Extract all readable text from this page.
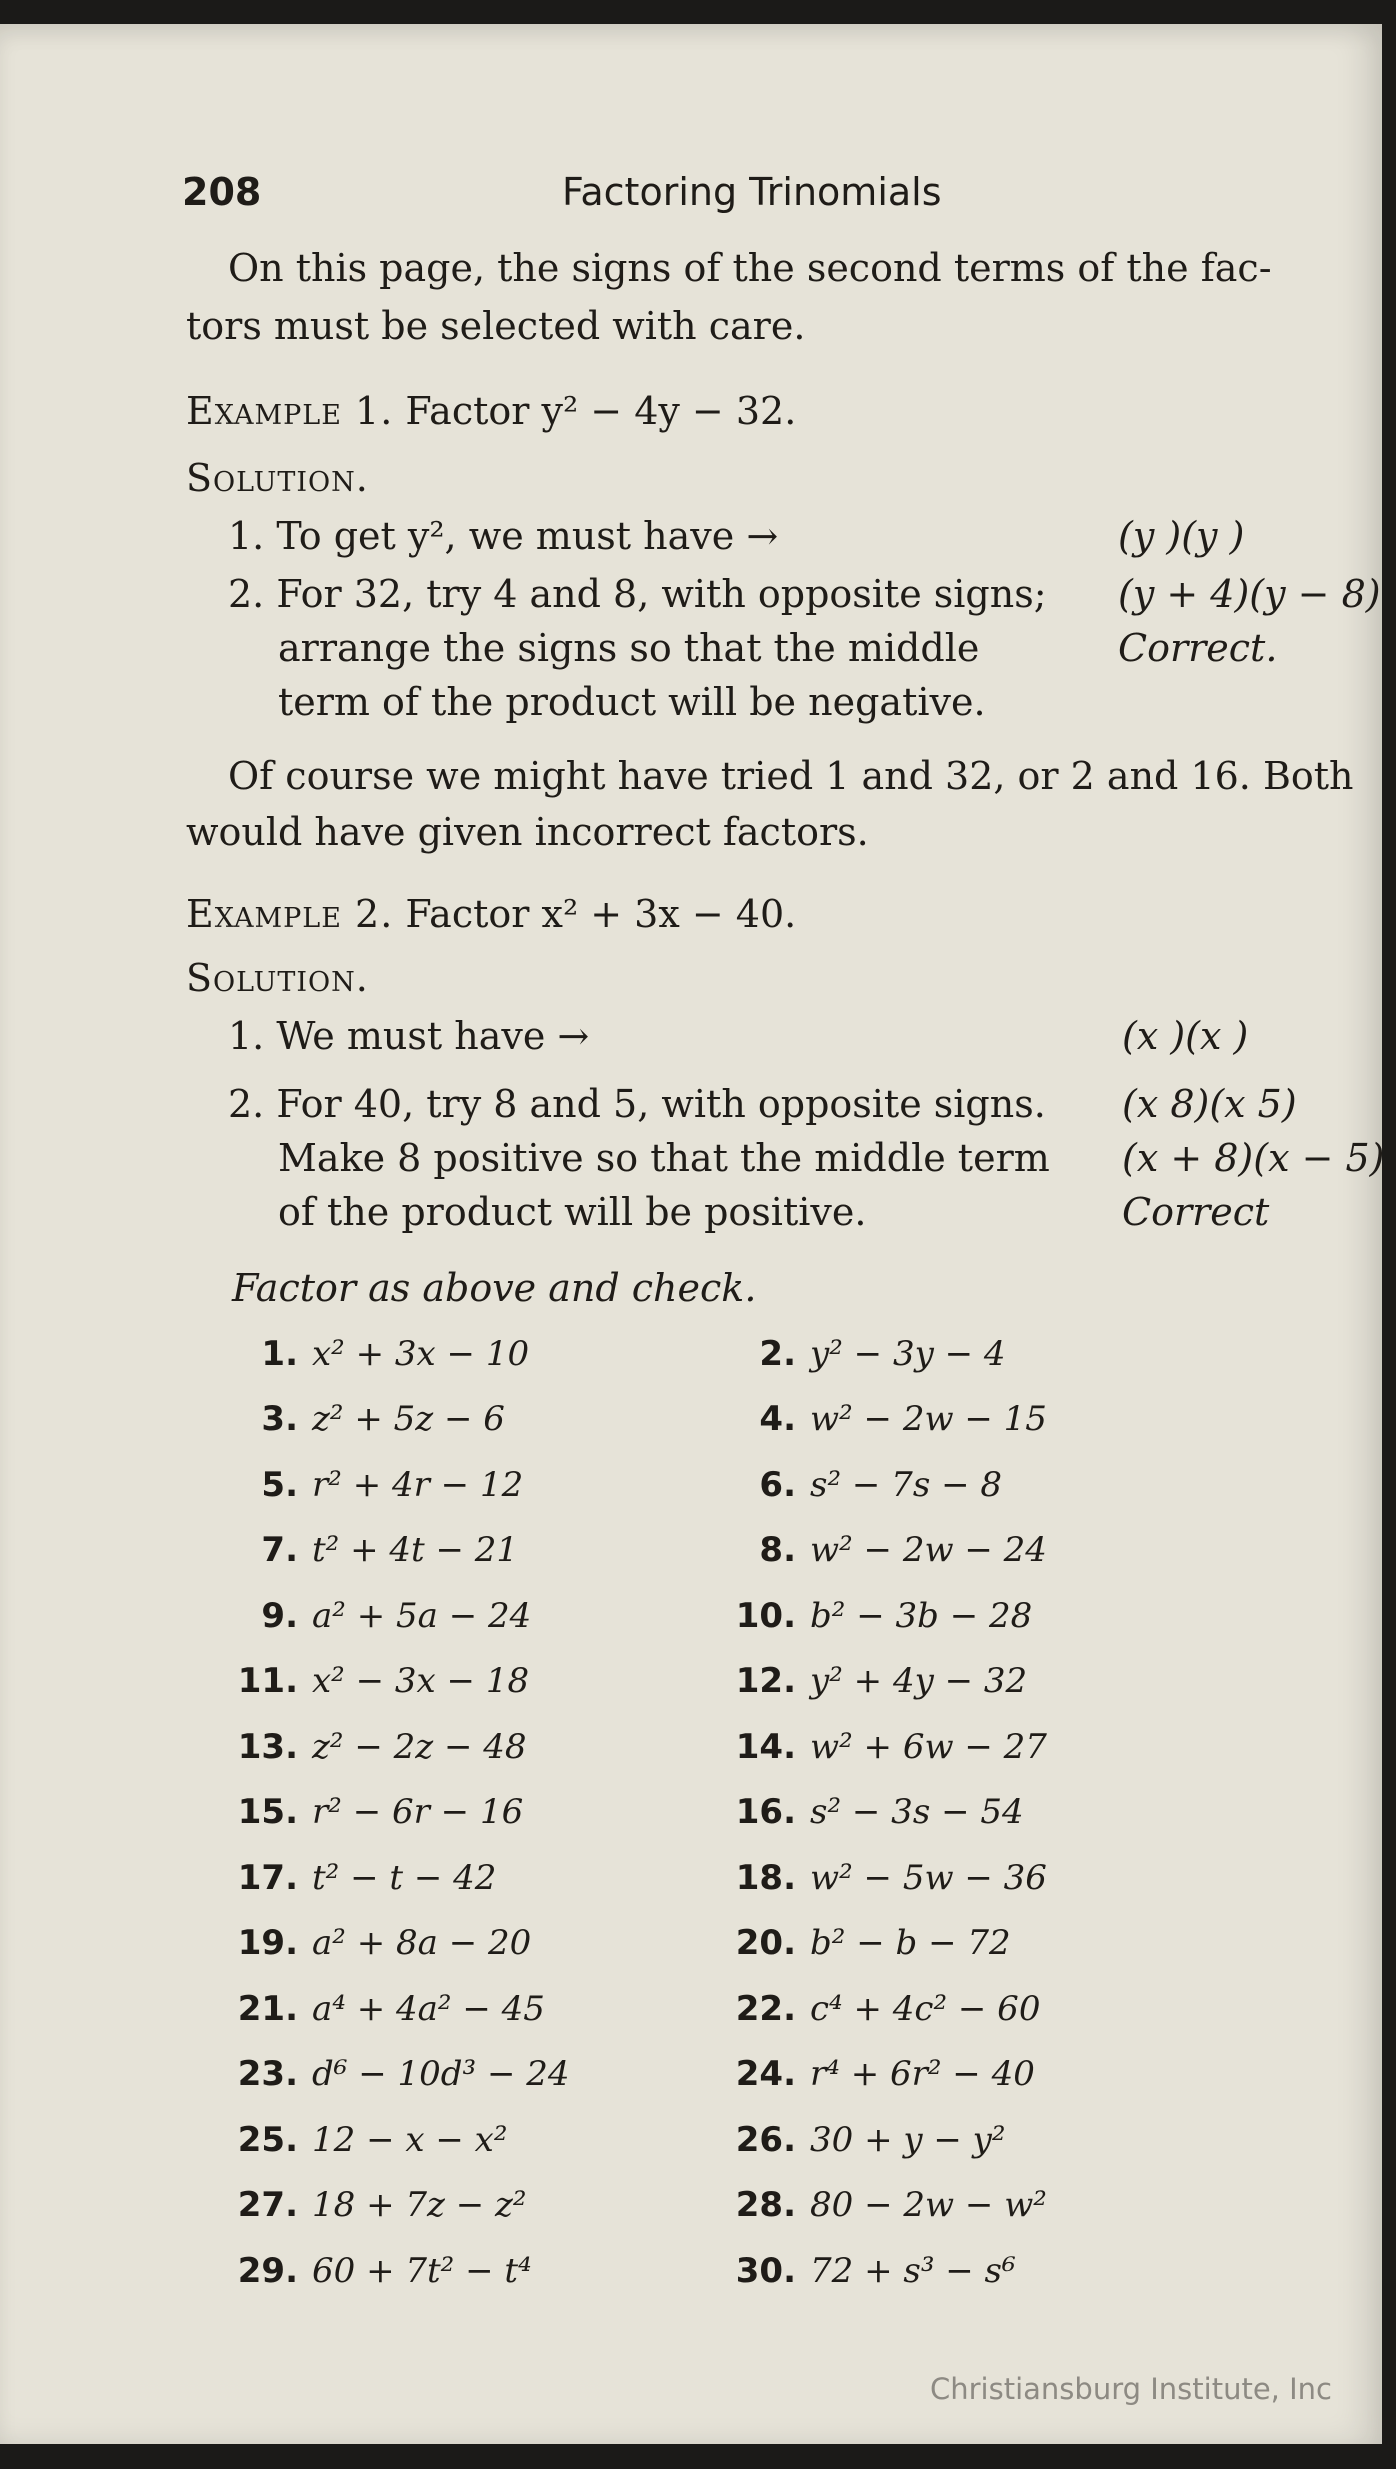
208	Factoring Trinomials
On this page, the signs of the second terms of the fac-
tors must be selected with care.
Example 1. Factor y² − 4y − 32.
Solution.
1. To get y², we must have →	(y )(y )
2. For 32, try 4 and 8, with opposite signs; (y + 4)(y − 8)
arrange the signs so that the middle	Correct.
term of the product will be negative.
Of course we might have tried 1 and 32, or 2 and 16. Both
would have given incorrect factors.
Example 2. Factor x² + 3x − 40.
Solution.
1. We must have →	(x )(x )
2. For 40, try 8 and 5, with opposite signs. (x 8)(x 5)
Make 8 positive so that the middle term (x + 8)(x − 5)
of the product will be positive.	Correct
Factor as above and check.
1. x² + 3x − 10	2. y² − 3y − 4
3. z² + 5z − 6	4. w² − 2w − 15
5. r² + 4r − 12	6. s² − 7s − 8
7. t² + 4t − 21	8. w² − 2w − 24
9. a² + 5a − 24	10. b² − 3b − 28
11. x² − 3x − 18	12. y² + 4y − 32
13. z² − 2z − 48	14. w² + 6w − 27
15. r² − 6r − 16	16. s² − 3s − 54
17. t² − t − 42	18. w² − 5w − 36
19. a² + 8a − 20	20. b² − b − 72
21. a⁴ + 4a² − 45	22. c⁴ + 4c² − 60
23. d⁶ − 10d³ − 24	24. r⁴ + 6r² − 40
25. 12 − x − x²	26. 30 + y − y²
27. 18 + 7z − z²	28. 80 − 2w − w²
29. 60 + 7t² − t⁴	30. 72 + s³ − s⁶
Christiansburg Institute, Inc
